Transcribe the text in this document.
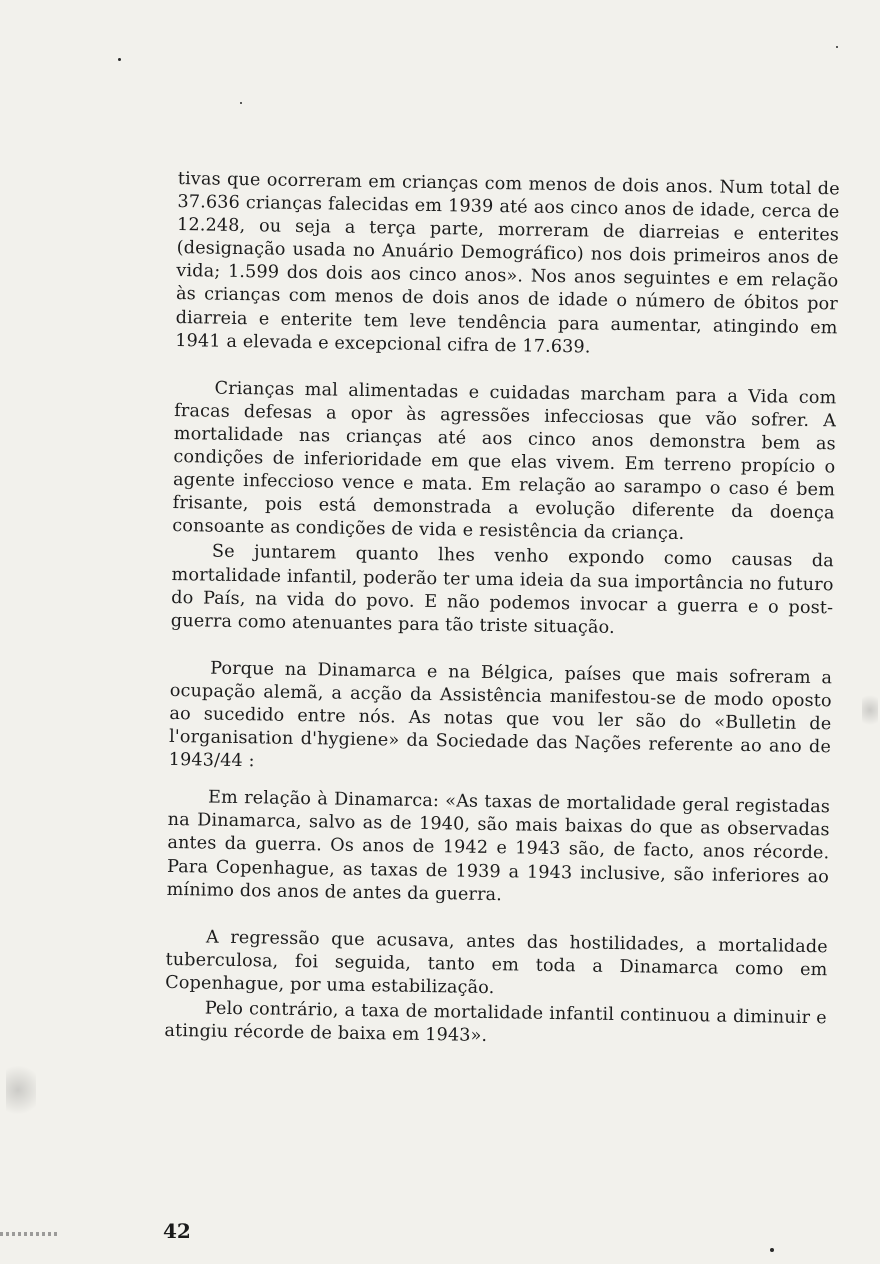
tivas que ocorreram em crianças com menos de dois anos. Num total de 37.636 crianças falecidas em 1939 até aos cinco anos de idade, cerca de 12.248, ou seja a terça parte, morreram de diarreias e enterites (designação usada no Anuário Demográfico) nos dois primeiros anos de vida; 1.599 dos dois aos cinco anos». Nos anos seguintes e em relação às crianças com menos de dois anos de idade o número de óbitos por diarreia e enterite tem leve tendência para aumentar, atingindo em 1941 a elevada e excepcional cifra de 17.639.

Crianças mal alimentadas e cuidadas marcham para a Vida com fracas defesas a opor às agressões infecciosas que vão sofrer. A mortalidade nas crianças até aos cinco anos demonstra bem as condições de inferioridade em que elas vivem. Em terreno propício o agente infeccioso vence e mata. Em relação ao sarampo o caso é bem frisante, pois está demonstrada a evolução diferente da doença consoante as condições de vida e resistência da criança.

Se juntarem quanto lhes venho expondo como causas da mortalidade infantil, poderão ter uma ideia da sua importância no futuro do País, na vida do povo. E não podemos invocar a guerra e o post-guerra como atenuantes para tão triste situação.

Porque na Dinamarca e na Bélgica, países que mais sofreram a ocupação alemã, a acção da Assistência manifestou-se de modo oposto ao sucedido entre nós. As notas que vou ler são do «Bulletin de l'organisation d'hygiene» da Sociedade das Nações referente ao ano de 1943/44 :

Em relação à Dinamarca: «As taxas de mortalidade geral registadas na Dinamarca, salvo as de 1940, são mais baixas do que as observadas antes da guerra. Os anos de 1942 e 1943 são, de facto, anos récorde. Para Copenhague, as taxas de 1939 a 1943 inclusive, são inferiores ao mínimo dos anos de antes da guerra.

A regressão que acusava, antes das hostilidades, a mortalidade tuberculosa, foi seguida, tanto em toda a Dinamarca como em Copenhague, por uma estabilização.

Pelo contrário, a taxa de mortalidade infantil continuou a diminuir e atingiu récorde de baixa em 1943».

42
